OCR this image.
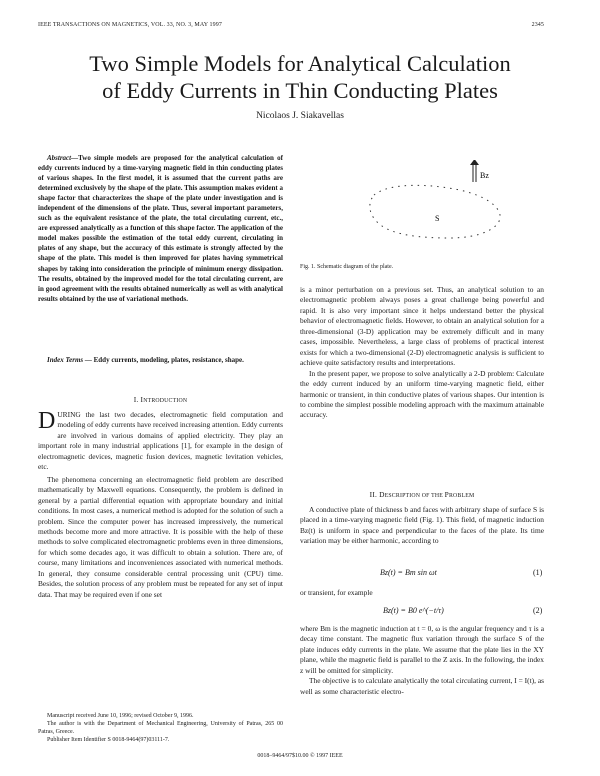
IEEE TRANSACTIONS ON MAGNETICS, VOL. 33, NO. 3, MAY 1997	2345
Two Simple Models for Analytical Calculation
of Eddy Currents in Thin Conducting Plates
Nicolaos J. Siakavellas

Abstract—Two simple models are proposed for the analytical calculation of eddy currents induced by a time-varying magnetic field in thin conducting plates of various shapes. In the first model, it is assumed that the current paths are determined exclusively by the shape of the plate. This assumption makes evident a shape factor that characterizes the shape of the plate under investigation and is independent of the dimensions of the plate. Thus, several important parameters, such as the equivalent resistance of the plate, the total circulating current, etc., are expressed analytically as a function of this shape factor. The application of the model makes possible the estimation of the total eddy current, circulating in plates of any shape, but the accuracy of this estimate is strongly affected by the shape of the plate. This model is then improved for plates having symmetrical shapes by taking into consideration the principle of minimum energy dissipation. The results, obtained by the improved model for the total circulating current, are in good agreement with the results obtained numerically as well as with analytical results obtained by the use of variational methods.

Index Terms — Eddy currents, modeling, plates, resistance, shape.

I. INTRODUCTION

DURING the last two decades, electromagnetic field computation and modeling of eddy currents have received increasing attention. Eddy currents are involved in various domains of applied electricity. They play an important role in many industrial applications [1], for example in the design of electromagnetic devices, magnetic fusion devices, magnetic levitation vehicles, etc.

The phenomena concerning an electromagnetic field problem are described mathematically by Maxwell equations. Consequently, the problem is defined in general by a partial differential equation with appropriate boundary and initial conditions. In most cases, a numerical method is adopted for the solution of such a problem. Since the computer power has increased impressively, the numerical methods become more and more attractive. It is possible with the help of these methods to solve complicated electromagnetic problems even in three dimensions, for which some decades ago, it was difficult to obtain a solution. There are, of course, many limitations and inconveniences associated with numerical methods. In general, they consume considerable central processing unit (CPU) time. Besides, the solution process of any problem must be repeated for any set of input data. That may be required even if one set

Manuscript received June 10, 1996; revised October 9, 1996.

The author is with the Department of Mechanical Engineering, University of Patras, 265 00 Patras, Greece.

Publisher Item Identifier S 0018-9464(97)03111-7.

Bz
S
Fig. 1. Schematic diagram of the plate.

is a minor perturbation on a previous set. Thus, an analytical solution to an electromagnetic problem always poses a great challenge being powerful and rapid. It is also very important since it helps understand better the physical behavior of electromagnetic fields. However, to obtain an analytical solution for a three-dimensional (3-D) application may be extremely difficult and in many cases, impossible. Nevertheless, a large class of problems of practical interest exists for which a two-dimensional (2-D) electromagnetic analysis is sufficient to achieve quite satisfactory results and interpretations.

In the present paper, we propose to solve analytically a 2-D problem: Calculate the eddy current induced by an uniform time-varying magnetic field, either harmonic or transient, in thin conductive plates of various shapes. Our intention is to combine the simplest possible modeling approach with the maximum attainable accuracy.

II. DESCRIPTION OF THE PROBLEM

A conductive plate of thickness b and faces with arbitrary shape of surface S is placed in a time-varying magnetic field (Fig. 1). This field, of magnetic induction Bz(t) is uniform in space and perpendicular to the faces of the plate. Its time variation may be either harmonic, according to

Bz(t) = Bm sin ωt	(1)
or transient, for example
Bz(t) = B0 e^(−t/τ)	(2)

where Bm is the magnetic induction at t = 0, ω is the angular frequency and τ is a decay time constant. The magnetic flux variation through the surface S of the plate induces eddy currents in the plate. We assume that the plate lies in the XY plane, while the magnetic field is parallel to the Z axis. In the following, the index z will be omitted for simplicity.

The objective is to calculate analytically the total circulating current, I = I(t), as well as some characteristic electro-

0018–9464/97$10.00 © 1997 IEEE
